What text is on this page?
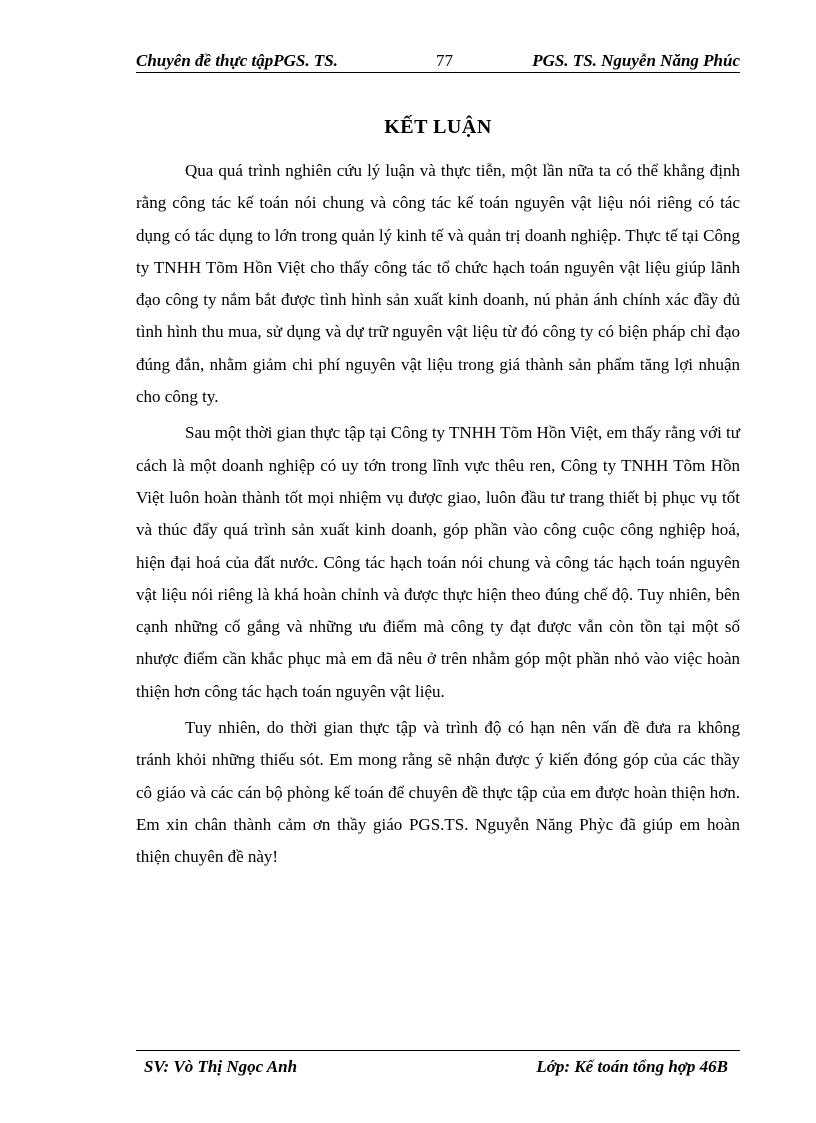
Chuyên đề thực tậpPGS. TS.	77	PGS. TS. Nguyễn Năng Phúc
KẾT LUẬN

Qua quá trình nghiên cứu lý luận và thực tiễn, một lần nữa ta có thể khẳng định rằng công tác kế toán nói chung và công tác kế toán nguyên vật liệu nói riêng có tác dụng có tác dụng to lớn trong quản lý kinh tế và quản trị doanh nghiệp. Thực tế tại Công ty TNHH Tõm Hồn Việt cho thấy công tác tổ chức hạch toán nguyên vật liệu giúp lãnh đạo công ty nắm bắt được tình hình sản xuất kinh doanh, nú phản ánh chính xác đầy đủ tình hình thu mua, sử dụng và dự trữ nguyên vật liệu từ đó công ty có biện pháp chỉ đạo đúng đắn, nhằm giảm chi phí nguyên vật liệu trong giá thành sản phẩm tăng lợi nhuận cho công ty.

Sau một thời gian thực tập tại Công ty TNHH Tõm Hồn Việt, em thấy rằng với tư cách là một doanh nghiệp có uy tớn trong lĩnh vực thêu ren, Công ty TNHH Tõm Hồn Việt luôn hoàn thành tốt mọi nhiệm vụ được giao, luôn đầu tư trang thiết bị phục vụ tốt và thúc đẩy quá trình sản xuất kinh doanh, góp phần vào công cuộc công nghiệp hoá, hiện đại hoá của đất nước. Công tác hạch toán nói chung và công tác hạch toán nguyên vật liệu nói riêng là khá hoàn chỉnh và được thực hiện theo đúng chế độ. Tuy nhiên, bên cạnh những cố gắng và những ưu điểm mà công ty đạt được vẫn còn tồn tại một số nhược điểm cần khắc phục mà em đã nêu ở trên nhằm góp một phần nhỏ vào việc hoàn thiện hơn công tác hạch toán nguyên vật liệu.

Tuy nhiên, do thời gian thực tập và trình độ có hạn nên vấn đề đưa ra không tránh khỏi những thiếu sót. Em mong rằng sẽ nhận được ý kiến đóng góp của các thầy cô giáo và các cán bộ phòng kế toán để chuyên đề thực tập của em được hoàn thiện hơn. Em xin chân thành cảm ơn thầy giáo PGS.TS. Nguyễn Năng Phỳc đã giúp em hoàn thiện chuyên đề này!

SV: Vò Thị Ngọc Anh	Lớp: Kế toán tổng hợp 46B
